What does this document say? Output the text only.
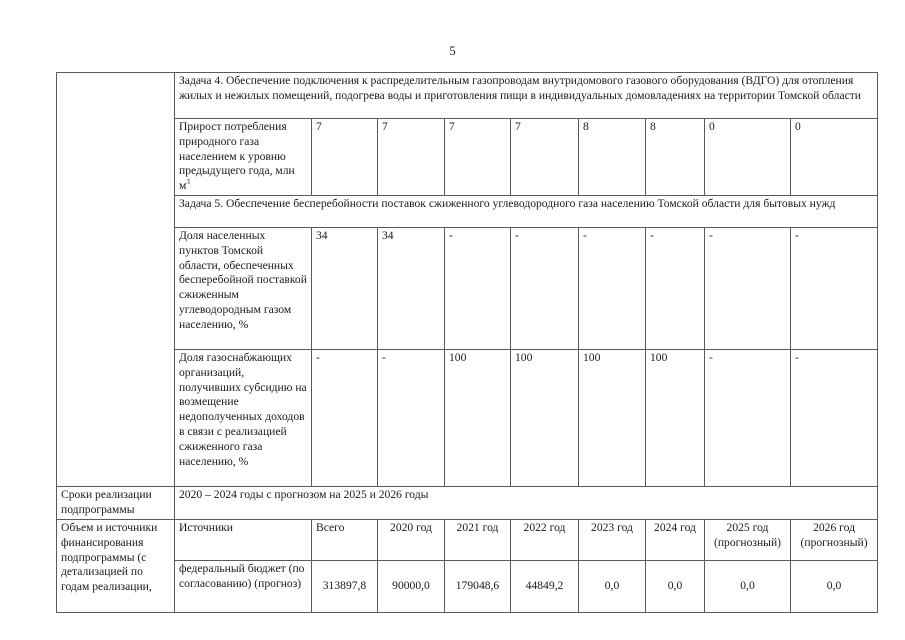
5
	Задача 4. Обеспечение подключения к распределительным газопроводам внутридомового газового оборудования (ВДГО) для отопления жилых и нежилых помещений, подогрева воды и приготовления пищи в индивидуальных домовладениях на территории Томской области								
	Прирост потребления природного газа населением к уровню предыдущего года, млн $м^3$	7	7	7	7	8	8	0	0
	Задача 5. Обеспечение бесперебойности поставок сжиженного углеводородного газа населению Томской области для бытовых нужд								
	Доля населенных пунктов Томской области, обеспеченных бесперебойной поставкой сжиженным углеводородным газом населению, %	34	34	-	-	-	-	-	-
	Доля газоснабжающих организаций, получивших субсидию на возмещение недополученных доходов в связи с реализацией сжиженного газа населению, %	-	-	100	100	100	100	-	-
Сроки реализации подпрограммы	2020 – 2024 годы с прогнозом на 2025 и 2026 годы								
Объем и источники финансирования подпрограммы (с детализацией по годам реализации,	Источники	Всего	2020 год	2021 год	2022 год	2023 год	2024 год	2025 год (прогнозный)	2026 год (прогнозный)
	федеральный бюджет (по согласованию) (прогноз)	313897,8	90000,0	179048,6	44849,2	0,0	0,0	0,0	0,0
